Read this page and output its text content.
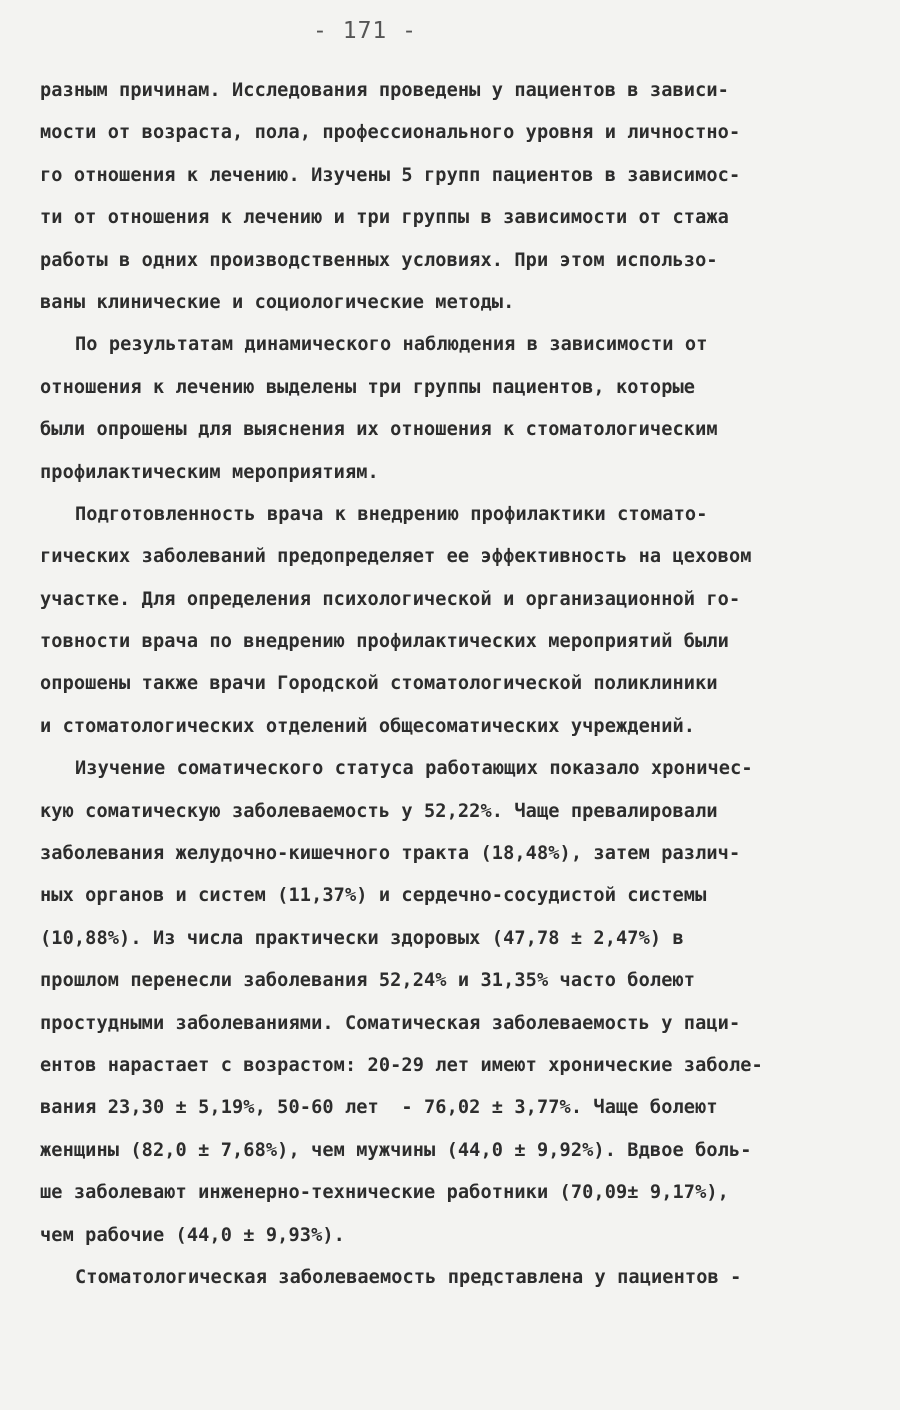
- 171 -
разным причинам. Исследования проведены у пациентов в зависи-
мости от возраста, пола, профессионального уровня и личностно-
го отношения к лечению. Изучены 5 групп пациентов в зависимос-
ти от отношения к лечению и три группы в зависимости от стажа
работы в одних производственных условиях. При этом использо-
ваны клинические и социологические методы.
По результатам динамического наблюдения в зависимости от
отношения к лечению выделены три группы пациентов, которые
были опрошены для выяснения их отношения к стоматологическим
профилактическим мероприятиям.
Подготовленность врача к внедрению профилактики стомато-
гических заболеваний предопределяет ее эффективность на цеховом
участке. Для определения психологической и организационной го-
товности врача по внедрению профилактических мероприятий были
опрошены также врачи Городской стоматологической поликлиники
и стоматологических отделений общесоматических учреждений.
Изучение соматического статуса работающих показало хроничес-
кую соматическую заболеваемость у 52,22%. Чаще превалировали
заболевания желудочно-кишечного тракта (18,48%), затем различ-
ных органов и систем (11,37%) и сердечно-сосудистой системы
(10,88%). Из числа практически здоровых (47,78 ± 2,47%) в
прошлом перенесли заболевания 52,24% и 31,35% часто болеют
простудными заболеваниями. Соматическая заболеваемость у паци-
ентов нарастает с возрастом: 20-29 лет имеют хронические заболе-
вания 23,30 ± 5,19%, 50-60 лет  - 76,02 ± 3,77%. Чаще болеют
женщины (82,0 ± 7,68%), чем мужчины (44,0 ± 9,92%). Вдвое боль-
ше заболевают инженерно-технические работники (70,09± 9,17%),
чем рабочие (44,0 ± 9,93%).
Стоматологическая заболеваемость представлена у пациентов -
